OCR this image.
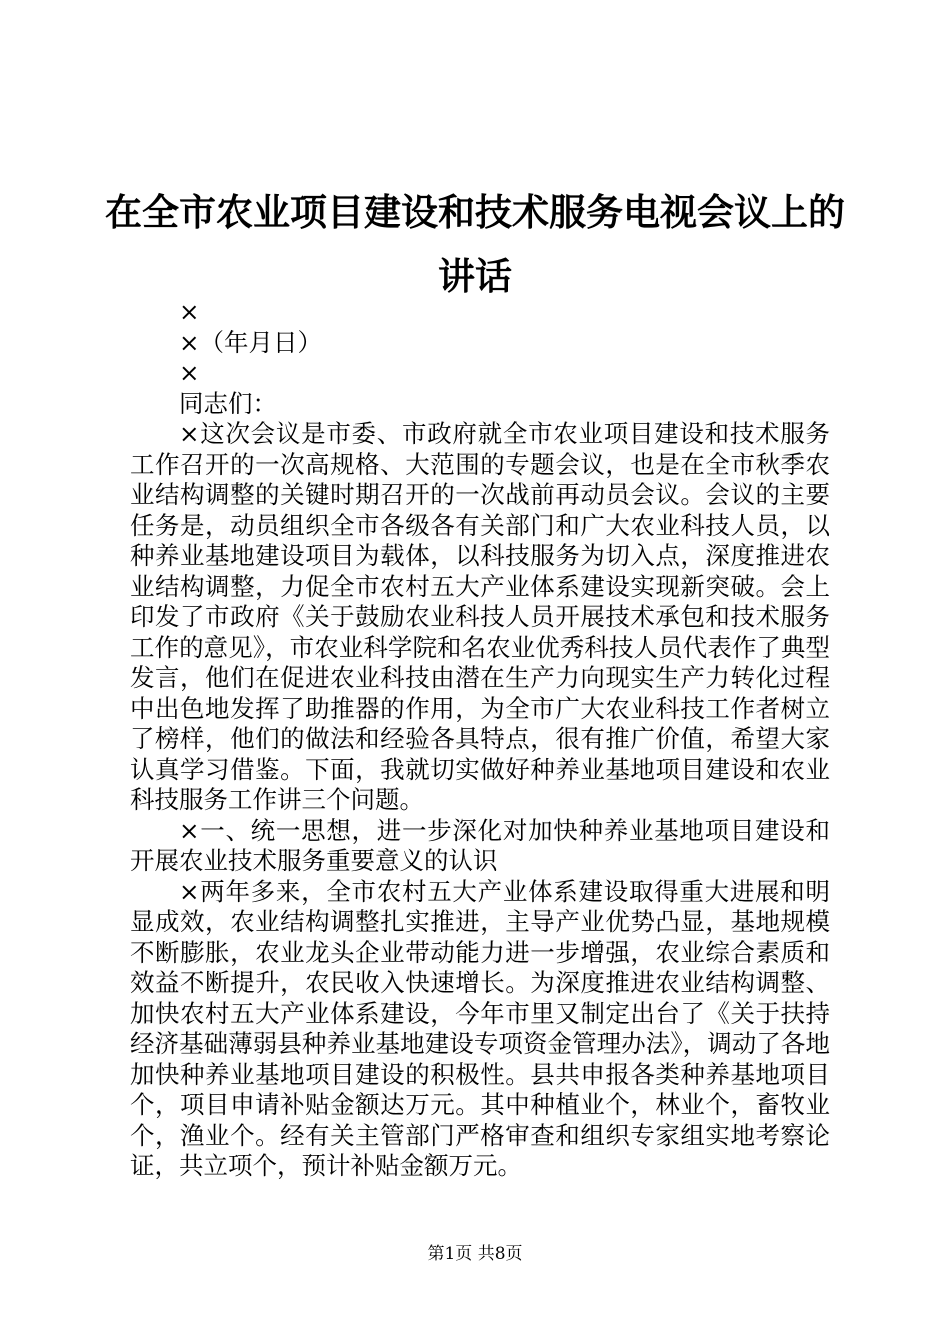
在全市农业项目建设和技术服务电视会议上的讲话

×

×（年月日）

×

同志们：

×这次会议是市委、市政府就全市农业项目建设和技术服务工作召开的一次高规格、大范围的专题会议，也是在全市秋季农业结构调整的关键时期召开的一次战前再动员会议。会议的主要任务是，动员组织全市各级各有关部门和广大农业科技人员，以种养业基地建设项目为载体，以科技服务为切入点，深度推进农业结构调整，力促全市农村五大产业体系建设实现新突破。会上印发了市政府《关于鼓励农业科技人员开展技术承包和技术服务工作的意见》，市农业科学院和名农业优秀科技人员代表作了典型发言，他们在促进农业科技由潜在生产力向现实生产力转化过程中出色地发挥了助推器的作用，为全市广大农业科技工作者树立了榜样，他们的做法和经验各具特点，很有推广价值，希望大家认真学习借鉴。下面，我就切实做好种养业基地项目建设和农业科技服务工作讲三个问题。

×一、统一思想，进一步深化对加快种养业基地项目建设和开展农业技术服务重要意义的认识

×两年多来，全市农村五大产业体系建设取得重大进展和明显成效，农业结构调整扎实推进，主导产业优势凸显，基地规模不断膨胀，农业龙头企业带动能力进一步增强，农业综合素质和效益不断提升，农民收入快速增长。为深度推进农业结构调整、加快农村五大产业体系建设，今年市里又制定出台了《关于扶持经济基础薄弱县种养业基地建设专项资金管理办法》，调动了各地加快种养业基地项目建设的积极性。县共申报各类种养基地项目个，项目申请补贴金额达万元。其中种植业个，林业个，畜牧业个，渔业个。经有关主管部门严格审查和组织专家组实地考察论证，共立项个，预计补贴金额万元。

第1页 共8页
